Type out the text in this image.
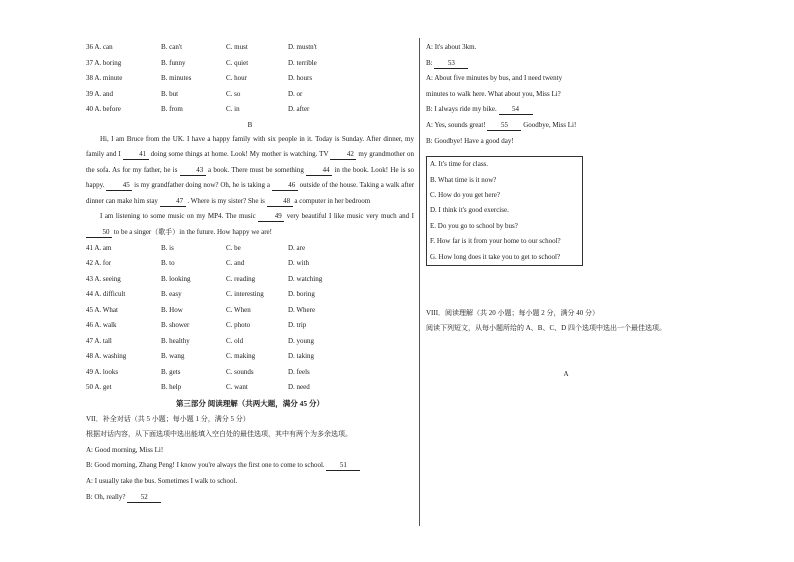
36 A. can	B. can't	C. must	D. mustn't
37 A. boring	B. funny	C. quiet	D. terrible
38 A. minute	B. minutes	C. hour	D. hours
39 A. and	B. but	C. so	D. or
40 A. before	B. from	C. in	D. after
B

Hi, I am Bruce from the UK. I have a happy family with six people in it. Today is Sunday. After dinner, my family and I	41 doing some things at home. Look! My mother is watching. TV	42 my grandmother on the sofa. As for my father, he is	43 a book. There must be something	44 in the book. Look! He is so happy.	45 is my grandfather doing now? Oh, he is taking a	46 outside of the house. Taking a walk after dinner can make him stay	47 . Where is my sister? She is	48 a computer in her bedroom

I am listening to some music on my MP4. The music	49 very beautiful I like music very much and I 50 to be a singer（歌手）in the future. How happy we are!

41 A. am	B. is	C. be	D. are
42 A. for	B. to	C. and	D. with
43 A. seeing	B. looking	C. reading	D. watching
44 A. difficult	B. easy	C. interesting	D. boring
45 A. What	B. How	C. When	D. Where
46 A. walk	B. shower	C. photo	D. trip
47 A. tall	B. healthy	C. old	D. young
48 A. washing	B. wang	C. making	D. taking
49 A. looks	B. gets	C. sounds	D. feels
50 A. get	B. help	C. want	D. need
第三部分 阅读理解（共两大题，满分 45 分）
VII．补全对话（共 5 小题；每小题 1 分，满分 5 分）
根据对话内容，从下面选项中选出能填入空白处的最佳选项，其中有两个为多余选项。
A: Good morning, Miss Li!
B: Good morning, Zhang Peng! I know you're always the first one to come to school. 51
A: I usually take the bus. Sometimes I walk to school.
B: Oh, really? 52
A: It's about 3km.
B: 53
A: About five minutes by bus, and I need twenty
minutes to walk here. What about you, Miss Li?
B: I always ride my bike. 54
A: Yes, sounds great! 55 Goodbye, Miss Li!
B: Goodbye! Have a good day!
A. It's time for class.
B. What time is it now?
C. How do you get here?
D. I think it's good exercise.
E. Do you go to school by bus?
F. How far is it from your home to our school?
G. How long does it take you to get to school?
VIII．阅读理解（共 20 小题；每小题 2 分，满分 40 分）
阅读下列短文，从每小题所给的 A、B、C、D 四个选项中选出一个最佳选项。
A
